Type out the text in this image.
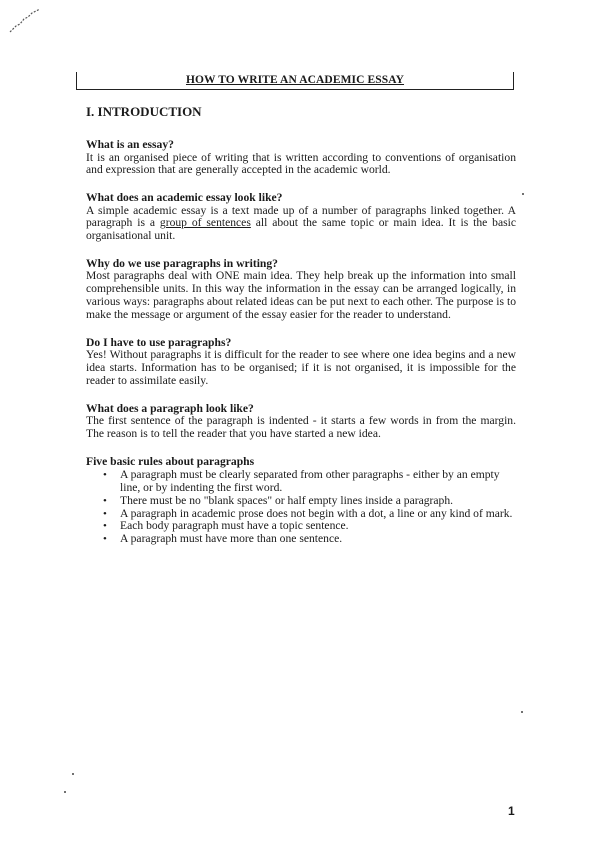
HOW TO WRITE AN ACADEMIC ESSAY
I. INTRODUCTION

What is an essay?

It is an organised piece of writing that is written according to conventions of organisation and expression that are generally accepted in the academic world.

What does an academic essay look like?

A simple academic essay is a text made up of a number of paragraphs linked together. A paragraph is a group of sentences all about the same topic or main idea. It is the basic organisational unit.

Why do we use paragraphs in writing?

Most paragraphs deal with ONE main idea. They help break up the information into small comprehensible units. In this way the information in the essay can be arranged logically, in various ways: paragraphs about related ideas can be put next to each other. The purpose is to make the message or argument of the essay easier for the reader to understand.

Do I have to use paragraphs?

Yes! Without paragraphs it is difficult for the reader to see where one idea begins and a new idea starts. Information has to be organised; if it is not organised, it is impossible for the reader to assimilate easily.

What does a paragraph look like?

The first sentence of the paragraph is indented - it starts a few words in from the margin. The reason is to tell the reader that you have started a new idea.

Five basic rules about paragraphs

• A paragraph must be clearly separated from other paragraphs - either by an empty line, or by indenting the first word.
• There must be no "blank spaces" or half empty lines inside a paragraph.
• A paragraph in academic prose does not begin with a dot, a line or any kind of mark.
• Each body paragraph must have a topic sentence.
• A paragraph must have more than one sentence.
1
